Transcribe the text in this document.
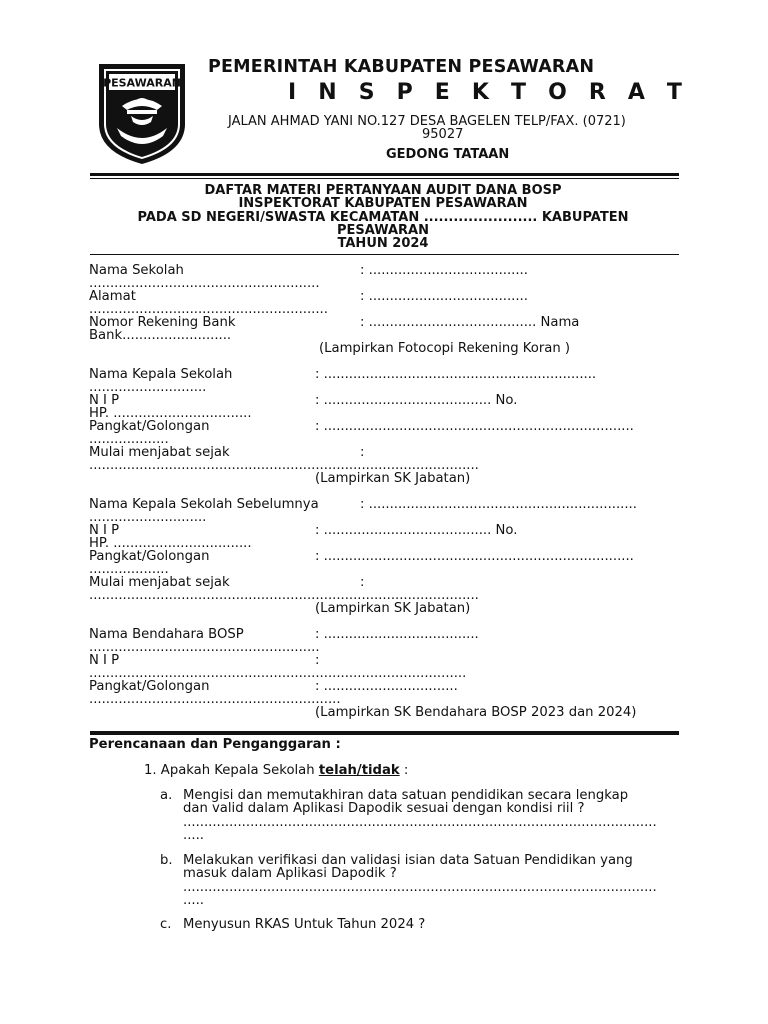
PESAWARAN
PEMERINTAH KABUPATEN PESAWARAN
I N S P E K T O R A T
JALAN AHMAD YANI NO.127 DESA BAGELEN TELP/FAX. (0721)
95027
GEDONG TATAAN
DAFTAR MATERI PERTANYAAN AUDIT DANA BOSP
INSPEKTORAT KABUPATEN PESAWARAN
PADA SD NEGERI/SWASTA KECAMATAN ....................... KABUPATEN
PESAWARAN
TAHUN 2024
Nama Sekolah	: ......................................
.......................................................
Alamat	: ......................................
.........................................................
Nomor Rekening Bank	: ........................................ Nama
Bank..........................
(Lampirkan Fotocopi Rekening Koran )
Nama Kepala Sekolah	: .................................................................
............................
N I P	: ........................................ No.
HP. .................................
Pangkat/Golongan	: ..........................................................................
...................
Mulai menjabat sejak	:
.............................................................................................
(Lampirkan SK Jabatan)
Nama Kepala Sekolah Sebelumnya	: ................................................................
............................
N I P	: ........................................ No.
HP. .................................
Pangkat/Golongan	: ..........................................................................
...................
Mulai menjabat sejak	:
.............................................................................................
(Lampirkan SK Jabatan)
Nama Bendahara BOSP	: .....................................
.......................................................
N I P	:
..........................................................................................
Pangkat/Golongan	: ................................
............................................................
(Lampirkan SK Bendahara BOSP 2023 dan 2024)
Perencanaan dan Penganggaran :
1. Apakah Kepala Sekolah telah/tidak :
a. Mengisi dan memutakhiran data satuan pendidikan secara lengkap
dan valid dalam Aplikasi Dapodik sesuai dengan kondisi riil ?
.................................................................................................................
.....
b. Melakukan verifikasi dan validasi isian data Satuan Pendidikan yang
masuk dalam Aplikasi Dapodik ?
.................................................................................................................
.....
c. Menyusun RKAS Untuk Tahun 2024 ?
